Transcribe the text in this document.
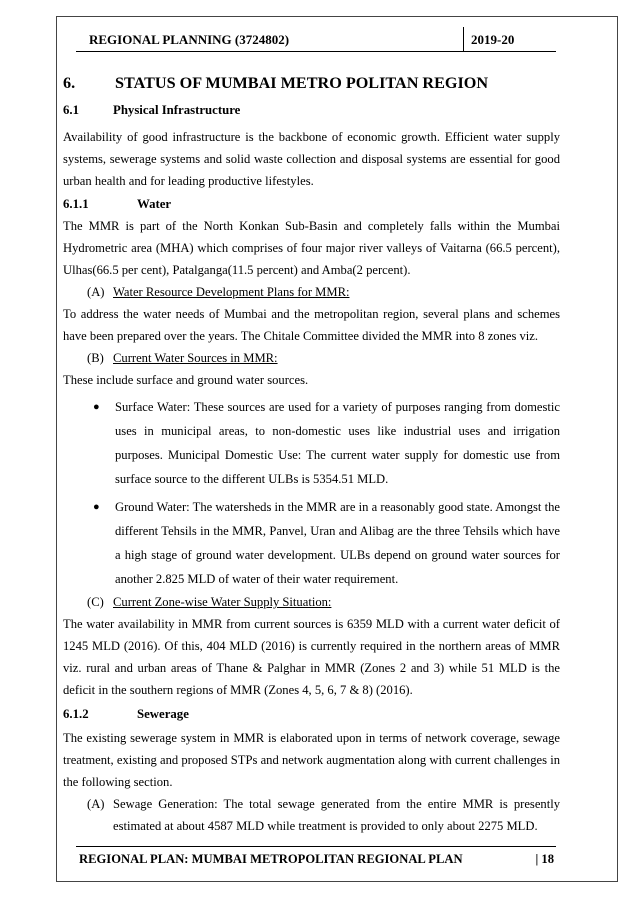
REGIONAL PLANNING (3724802)	2019-20
6.	STATUS OF MUMBAI METRO POLITAN REGION
6.1	Physical Infrastructure
Availability of good infrastructure is the backbone of economic growth. Efficient water supply systems, sewerage systems and solid waste collection and disposal systems are essential for good urban health and for leading productive lifestyles.
6.1.1	Water
The MMR is part of the North Konkan Sub-Basin and completely falls within the Mumbai Hydrometric area (MHA) which comprises of four major river valleys of Vaitarna (66.5 percent), Ulhas(66.5 per cent), Patalganga(11.5 percent) and Amba(2 percent).
(A) Water Resource Development Plans for MMR:
To address the water needs of Mumbai and the metropolitan region, several plans and schemes have been prepared over the years. The Chitale Committee divided the MMR into 8 zones viz.
(B) Current Water Sources in MMR:
These include surface and ground water sources.
●	Surface Water: These sources are used for a variety of purposes ranging from domestic uses in municipal areas, to non-domestic uses like industrial uses and irrigation purposes. Municipal Domestic Use: The current water supply for domestic use from surface source to the different ULBs is 5354.51 MLD.
●	Ground Water: The watersheds in the MMR are in a reasonably good state. Amongst the different Tehsils in the MMR, Panvel, Uran and Alibag are the three Tehsils which have a high stage of ground water development. ULBs depend on ground water sources for another 2.825 MLD of water of their water requirement.
(C) Current Zone-wise Water Supply Situation:
The water availability in MMR from current sources is 6359 MLD with a current water deficit of 1245 MLD (2016). Of this, 404 MLD (2016) is currently required in the northern areas of MMR viz. rural and urban areas of Thane & Palghar in MMR (Zones 2 and 3) while 51 MLD is the deficit in the southern regions of MMR (Zones 4, 5, 6, 7 & 8) (2016).
6.1.2	Sewerage
The existing sewerage system in MMR is elaborated upon in terms of network coverage, sewage treatment, existing and proposed STPs and network augmentation along with current challenges in the following section.
(A) Sewage Generation: The total sewage generated from the entire MMR is presently estimated at about 4587 MLD while treatment is provided to only about 2275 MLD.
REGIONAL PLAN: MUMBAI METROPOLITAN REGIONAL PLAN	| 18
